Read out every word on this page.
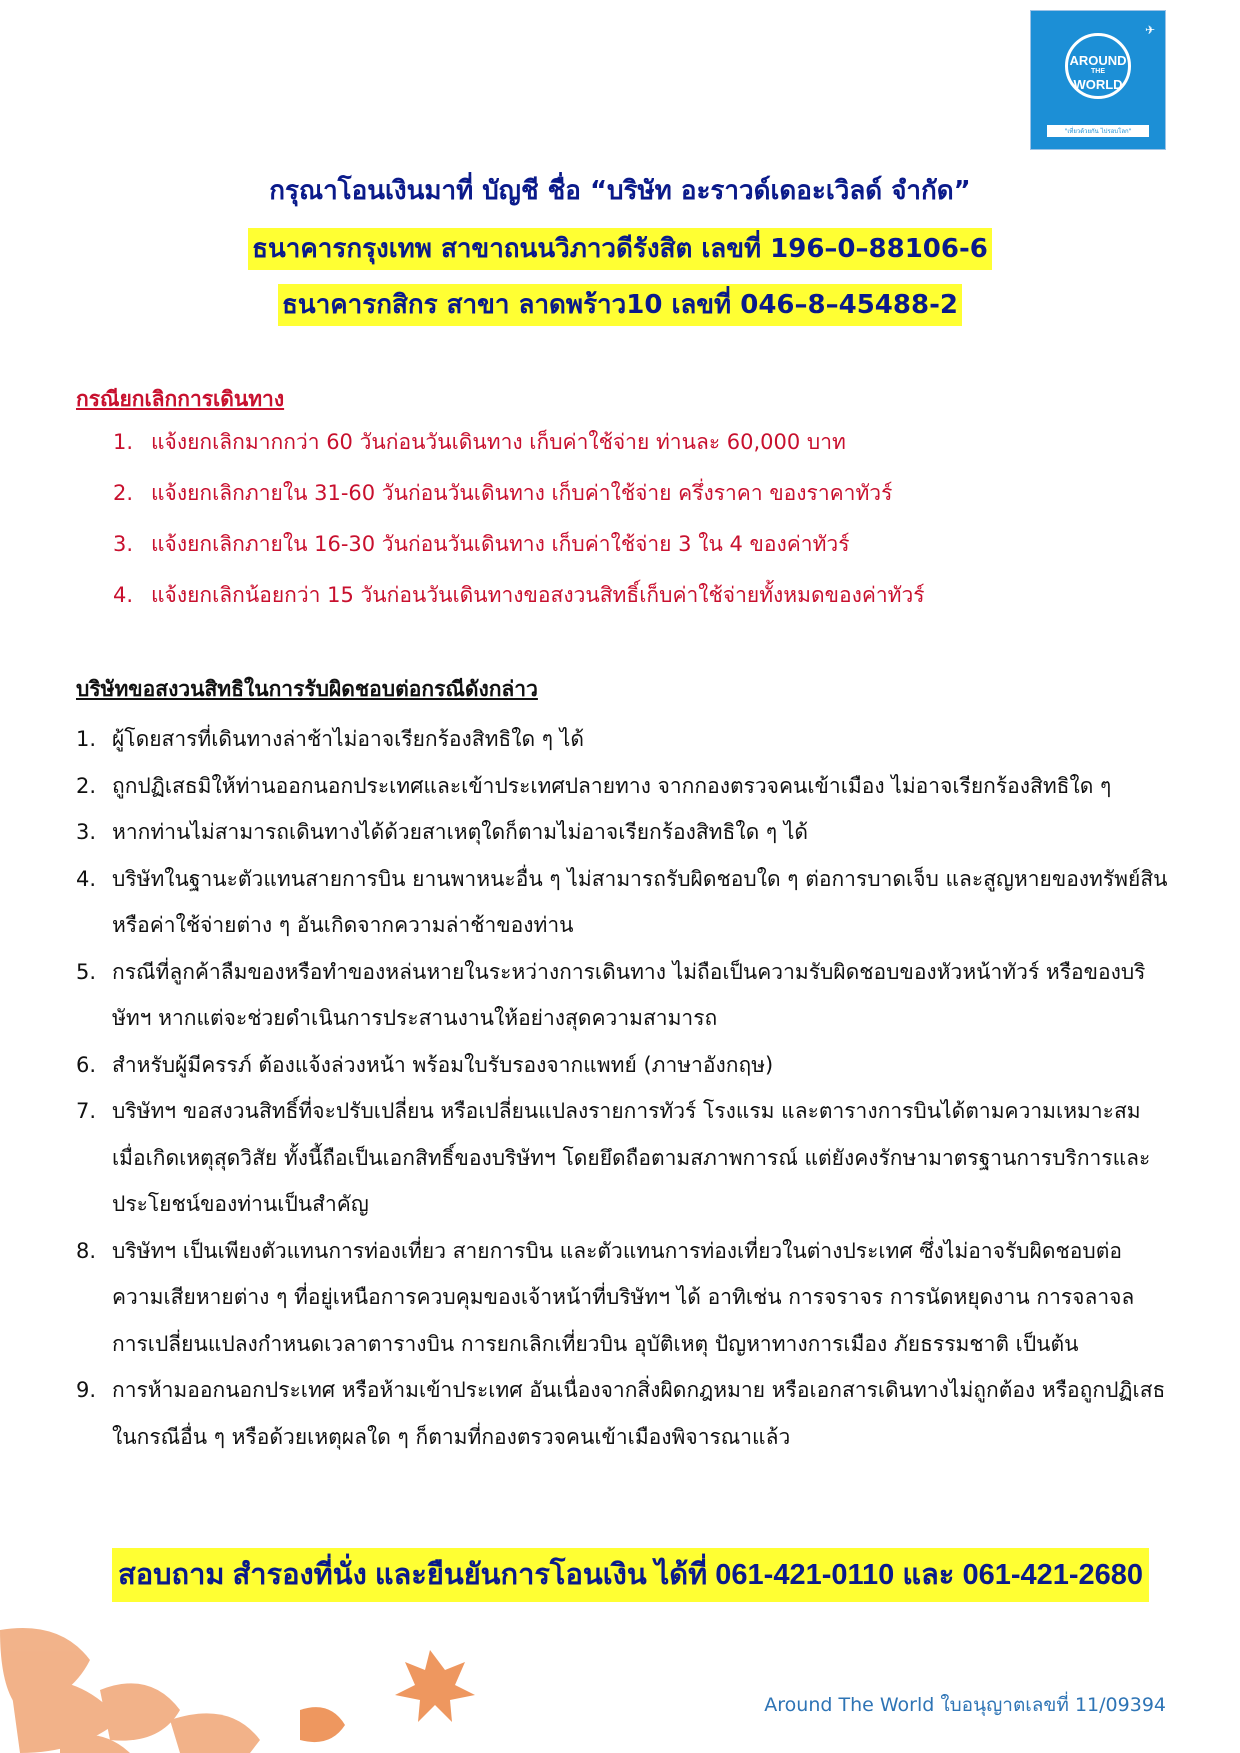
✈
AROUND
THE
WORLD
"เที่ยวด้วยกัน ไปรอบโลก"
กรุณาโอนเงินมาที่ บัญชี ชื่อ “บริษัท อะราวด์เดอะเวิลด์ จำกัด”
ธนาคารกรุงเทพ สาขาถนนวิภาวดีรังสิต เลขที่ 196–0–88106-6
ธนาคารกสิกร สาขา ลาดพร้าว10 เลขที่ 046–8–45488-2
กรณียกเลิกการเดินทาง
1. แจ้งยกเลิกมากกว่า 60 วันก่อนวันเดินทาง เก็บค่าใช้จ่าย ท่านละ 60,000 บาท
2. แจ้งยกเลิกภายใน 31-60 วันก่อนวันเดินทาง เก็บค่าใช้จ่าย ครึ่งราคา ของราคาทัวร์
3. แจ้งยกเลิกภายใน 16-30 วันก่อนวันเดินทาง เก็บค่าใช้จ่าย 3 ใน 4 ของค่าทัวร์
4. แจ้งยกเลิกน้อยกว่า 15 วันก่อนวันเดินทางขอสงวนสิทธิ์เก็บค่าใช้จ่ายทั้งหมดของค่าทัวร์
บริษัทขอสงวนสิทธิในการรับผิดชอบต่อกรณีดังกล่าว
1. ผู้โดยสารที่เดินทางล่าช้าไม่อาจเรียกร้องสิทธิใด ๆ ได้
2. ถูกปฏิเสธมิให้ท่านออกนอกประเทศและเข้าประเทศปลายทาง จากกองตรวจคนเข้าเมือง ไม่อาจเรียกร้องสิทธิใด ๆ
3. หากท่านไม่สามารถเดินทางได้ด้วยสาเหตุใดก็ตามไม่อาจเรียกร้องสิทธิใด ๆ ได้
4. บริษัทในฐานะตัวแทนสายการบิน ยานพาหนะอื่น ๆ ไม่สามารถรับผิดชอบใด ๆ ต่อการบาดเจ็บ และสูญหายของทรัพย์สิน หรือค่าใช้จ่ายต่าง ๆ อันเกิดจากความล่าช้าของท่าน
5. กรณีที่ลูกค้าลืมของหรือทำของหล่นหายในระหว่างการเดินทาง ไม่ถือเป็นความรับผิดชอบของหัวหน้าทัวร์ หรือของบริษัทฯ หากแต่จะช่วยดำเนินการประสานงานให้อย่างสุดความสามารถ
6. สำหรับผู้มีครรภ์ ต้องแจ้งล่วงหน้า พร้อมใบรับรองจากแพทย์ (ภาษาอังกฤษ)
7. บริษัทฯ ขอสงวนสิทธิ์ที่จะปรับเปลี่ยน หรือเปลี่ยนแปลงรายการทัวร์ โรงแรม และตารางการบินได้ตามความเหมาะสมเมื่อเกิดเหตุสุดวิสัย ทั้งนี้ถือเป็นเอกสิทธิ์ของบริษัทฯ โดยยึดถือตามสภาพการณ์ แต่ยังคงรักษามาตรฐานการบริการและประโยชน์ของท่านเป็นสำคัญ
8. บริษัทฯ เป็นเพียงตัวแทนการท่องเที่ยว สายการบิน และตัวแทนการท่องเที่ยวในต่างประเทศ ซึ่งไม่อาจรับผิดชอบต่อความเสียหายต่าง ๆ ที่อยู่เหนือการควบคุมของเจ้าหน้าที่บริษัทฯ ได้ อาทิเช่น การจราจร การนัดหยุดงาน การจลาจล การเปลี่ยนแปลงกำหนดเวลาตารางบิน การยกเลิกเที่ยวบิน อุบัติเหตุ ปัญหาทางการเมือง ภัยธรรมชาติ เป็นต้น
9. การห้ามออกนอกประเทศ หรือห้ามเข้าประเทศ อันเนื่องจากสิ่งผิดกฎหมาย หรือเอกสารเดินทางไม่ถูกต้อง หรือถูกปฏิเสธในกรณีอื่น ๆ หรือด้วยเหตุผลใด ๆ ก็ตามที่กองตรวจคนเข้าเมืองพิจารณาแล้ว
สอบถาม สำรองที่นั่ง และยืนยันการโอนเงิน ได้ที่ 061-421-0110 และ 061-421-2680
Around The World ใบอนุญาตเลขที่ 11/09394
